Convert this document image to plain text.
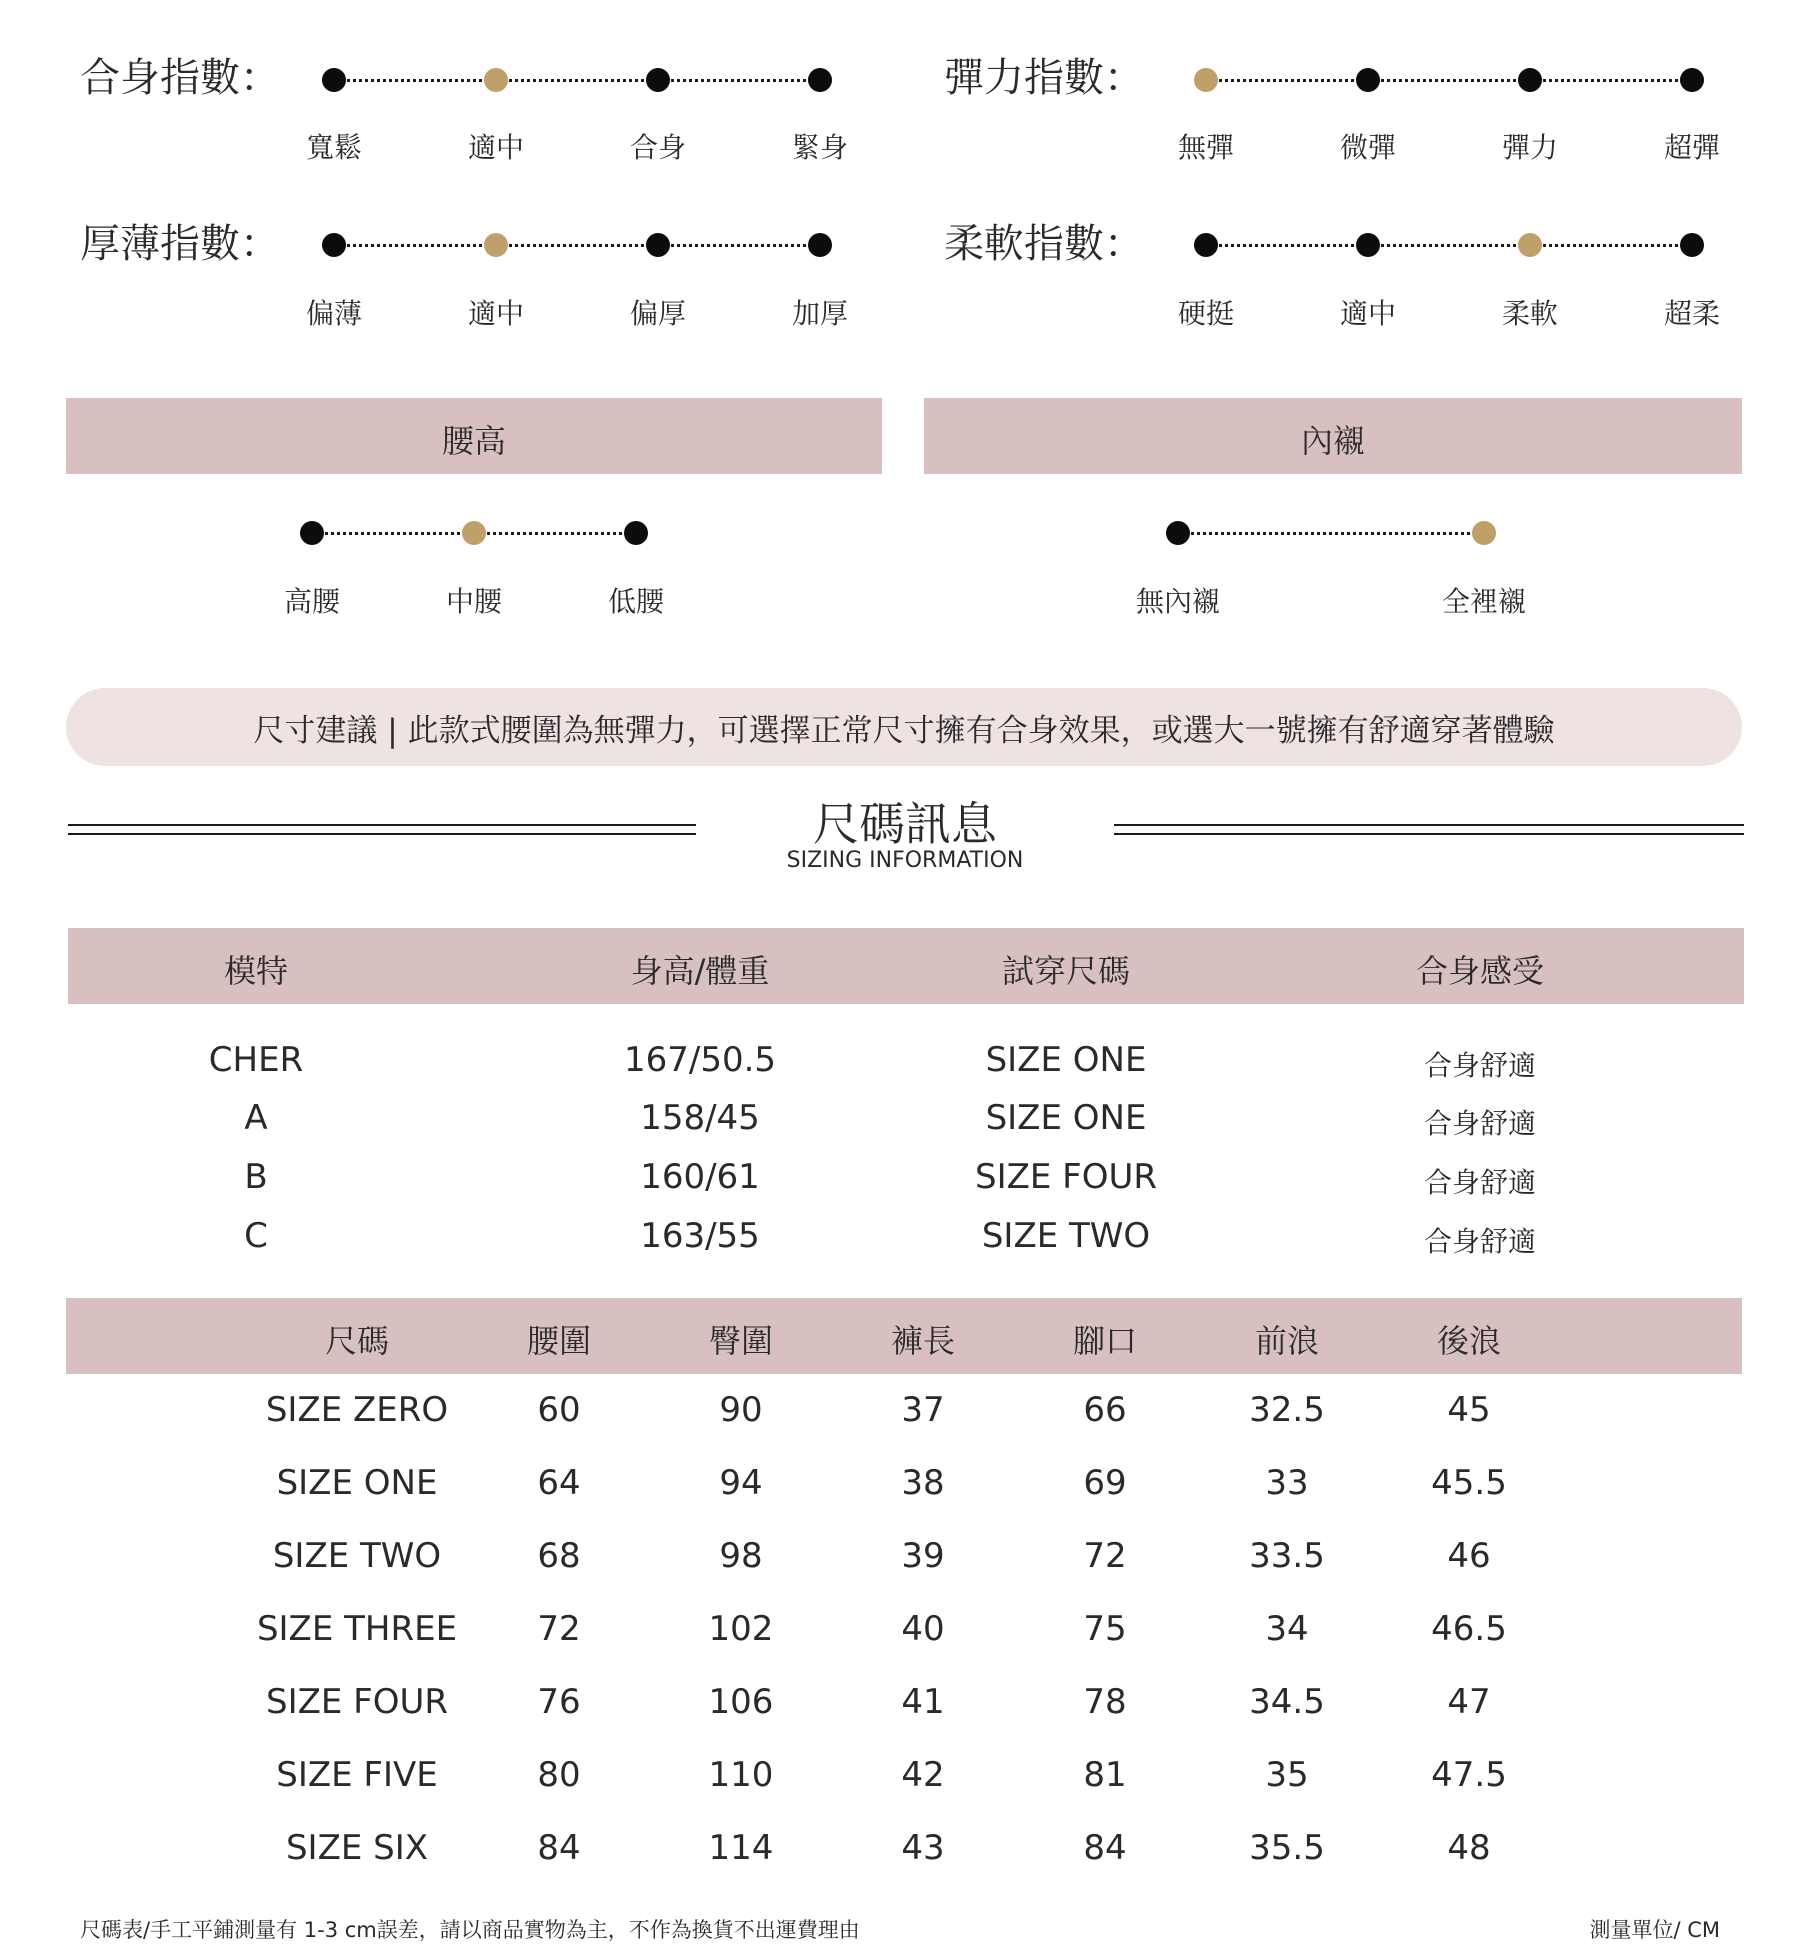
合身指數：
寬鬆	適中	合身	緊身
彈力指數：
無彈	微彈	彈力	超彈
厚薄指數：
偏薄	適中	偏厚	加厚
柔軟指數：
硬挺	適中	柔軟	超柔
腰高
高腰	中腰	低腰
內襯
無內襯	全裡襯
尺寸建議 | 此款式腰圍為無彈力，可選擇正常尺寸擁有合身效果，或選大一號擁有舒適穿著體驗
尺碼訊息
SIZING INFORMATION
模特	身高/體重	試穿尺碼	合身感受
CHER	167/50.5	SIZE ONE	合身舒適
A	158/45	SIZE ONE	合身舒適
B	160/61	SIZE FOUR	合身舒適
C	163/55	SIZE TWO	合身舒適
尺碼	腰圍	臀圍	褲長	腳口	前浪	後浪
SIZE ZERO	60	90	37	66	32.5	45
SIZE ONE	64	94	38	69	33	45.5
SIZE TWO	68	98	39	72	33.5	46
SIZE THREE	72	102	40	75	34	46.5
SIZE FOUR	76	106	41	78	34.5	47
SIZE FIVE	80	110	42	81	35	47.5
SIZE SIX	84	114	43	84	35.5	48
尺碼表/手工平鋪測量有 1-3 cm誤差，請以商品實物為主，不作為換貨不出運費理由	測量單位/ CM
